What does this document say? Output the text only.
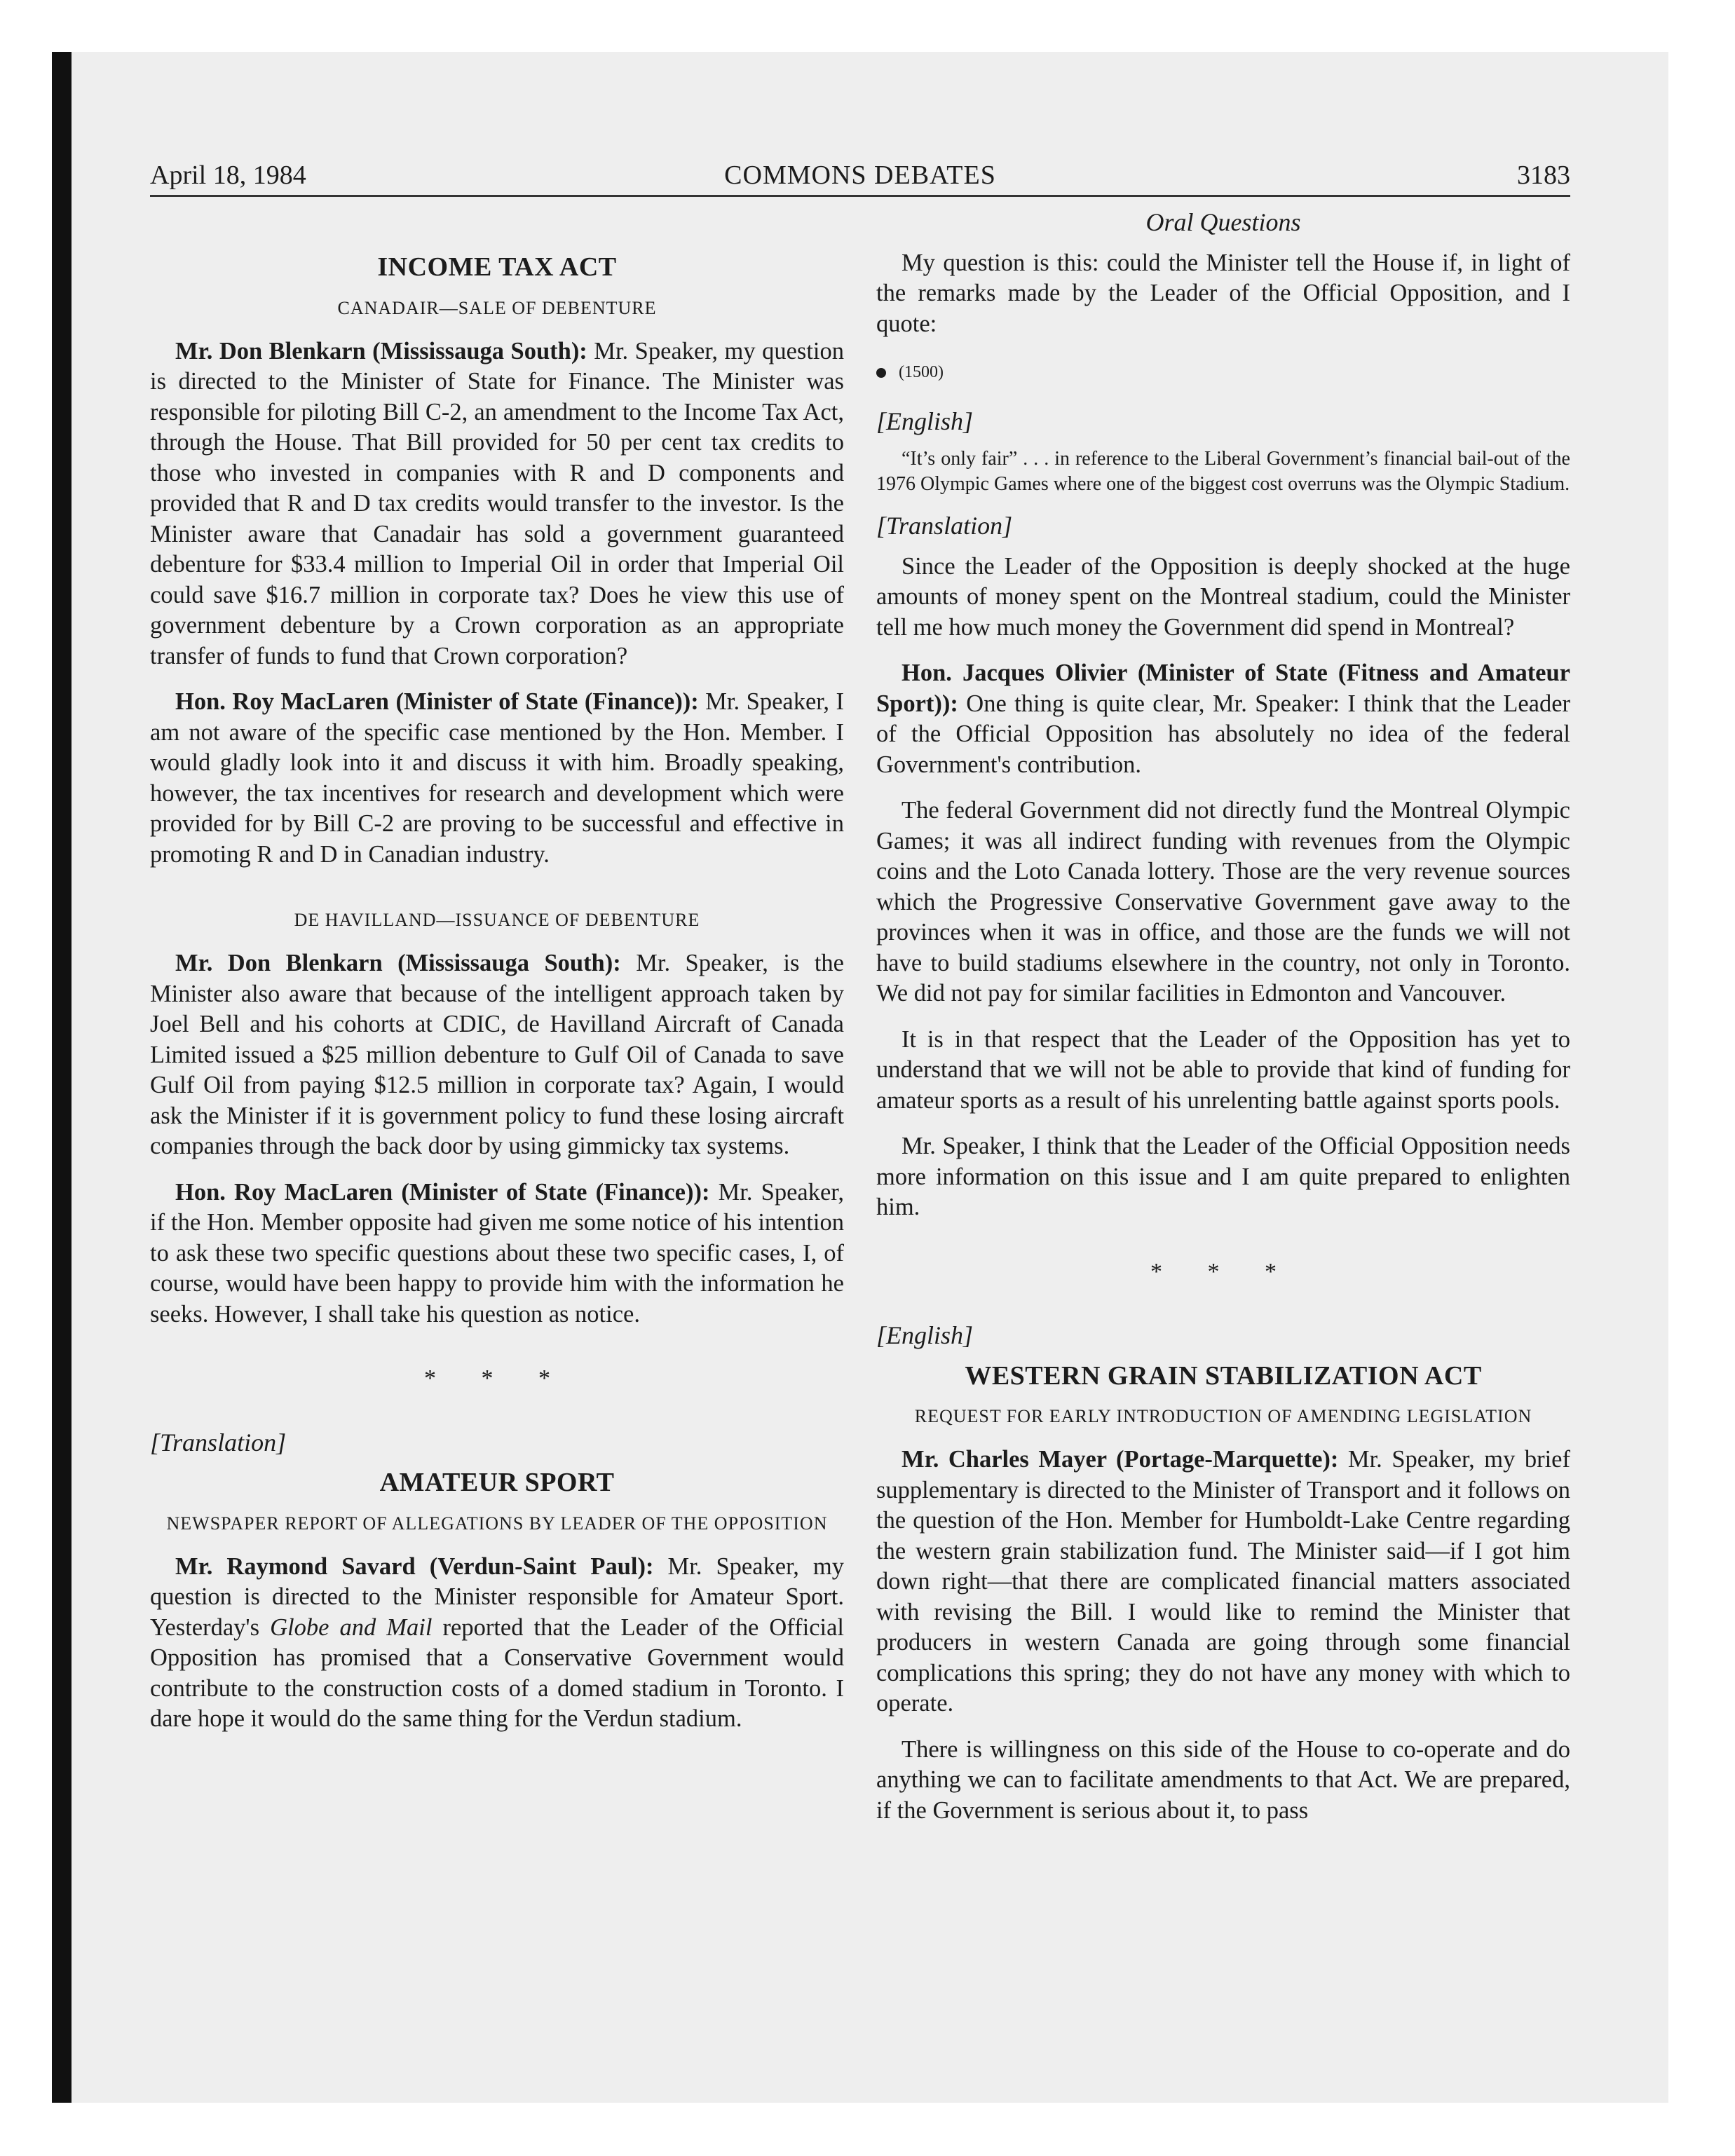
April 18, 1984	COMMONS DEBATES	3183
INCOME TAX ACT
CANADAIR—SALE OF DEBENTURE

Mr. Don Blenkarn (Mississauga South): Mr. Speaker, my question is directed to the Minister of State for Finance. The Minister was responsible for piloting Bill C-2, an amendment to the Income Tax Act, through the House. That Bill provided for 50 per cent tax credits to those who invested in companies with R and D components and provided that R and D tax credits would transfer to the investor. Is the Minister aware that Canadair has sold a government guaranteed debenture for $33.4 million to Imperial Oil in order that Imperial Oil could save $16.7 million in corporate tax? Does he view this use of government debenture by a Crown corporation as an appropriate transfer of funds to fund that Crown corporation?

Hon. Roy MacLaren (Minister of State (Finance)): Mr. Speaker, I am not aware of the specific case mentioned by the Hon. Member. I would gladly look into it and discuss it with him. Broadly speaking, however, the tax incentives for research and development which were provided for by Bill C-2 are proving to be successful and effective in promoting R and D in Canadian industry.

DE HAVILLAND—ISSUANCE OF DEBENTURE

Mr. Don Blenkarn (Mississauga South): Mr. Speaker, is the Minister also aware that because of the intelligent approach taken by Joel Bell and his cohorts at CDIC, de Havilland Aircraft of Canada Limited issued a $25 million debenture to Gulf Oil of Canada to save Gulf Oil from paying $12.5 million in corporate tax? Again, I would ask the Minister if it is government policy to fund these losing aircraft companies through the back door by using gimmicky tax systems.

Hon. Roy MacLaren (Minister of State (Finance)): Mr. Speaker, if the Hon. Member opposite had given me some notice of his intention to ask these two specific questions about these two specific cases, I, of course, would have been happy to provide him with the information he seeks. However, I shall take his question as notice.

* * *
[Translation]
AMATEUR SPORT
NEWSPAPER REPORT OF ALLEGATIONS BY LEADER OF THE OPPOSITION

Mr. Raymond Savard (Verdun-Saint Paul): Mr. Speaker, my question is directed to the Minister responsible for Amateur Sport. Yesterday's Globe and Mail reported that the Leader of the Official Opposition has promised that a Conservative Government would contribute to the construction costs of a domed stadium in Toronto. I dare hope it would do the same thing for the Verdun stadium.

Oral Questions

My question is this: could the Minister tell the House if, in light of the remarks made by the Leader of the Official Opposition, and I quote:

(1500)
[English]
“It’s only fair” . . . in reference to the Liberal Government’s financial bail-out of the 1976 Olympic Games where one of the biggest cost overruns was the Olympic Stadium.
[Translation]

Since the Leader of the Opposition is deeply shocked at the huge amounts of money spent on the Montreal stadium, could the Minister tell me how much money the Government did spend in Montreal?

Hon. Jacques Olivier (Minister of State (Fitness and Amateur Sport)): One thing is quite clear, Mr. Speaker: I think that the Leader of the Official Opposition has absolutely no idea of the federal Government's contribution.

The federal Government did not directly fund the Montreal Olympic Games; it was all indirect funding with revenues from the Olympic coins and the Loto Canada lottery. Those are the very revenue sources which the Progressive Conservative Government gave away to the provinces when it was in office, and those are the funds we will not have to build stadiums elsewhere in the country, not only in Toronto. We did not pay for similar facilities in Edmonton and Vancouver.

It is in that respect that the Leader of the Opposition has yet to understand that we will not be able to provide that kind of funding for amateur sports as a result of his unrelenting battle against sports pools.

Mr. Speaker, I think that the Leader of the Official Opposition needs more information on this issue and I am quite prepared to enlighten him.

* * *
[English]
WESTERN GRAIN STABILIZATION ACT
REQUEST FOR EARLY INTRODUCTION OF AMENDING LEGISLATION

Mr. Charles Mayer (Portage-Marquette): Mr. Speaker, my brief supplementary is directed to the Minister of Transport and it follows on the question of the Hon. Member for Humboldt-Lake Centre regarding the western grain stabilization fund. The Minister said—if I got him down right—that there are complicated financial matters associated with revising the Bill. I would like to remind the Minister that producers in western Canada are going through some financial complications this spring; they do not have any money with which to operate.

There is willingness on this side of the House to co-operate and do anything we can to facilitate amendments to that Act. We are prepared, if the Government is serious about it, to pass
